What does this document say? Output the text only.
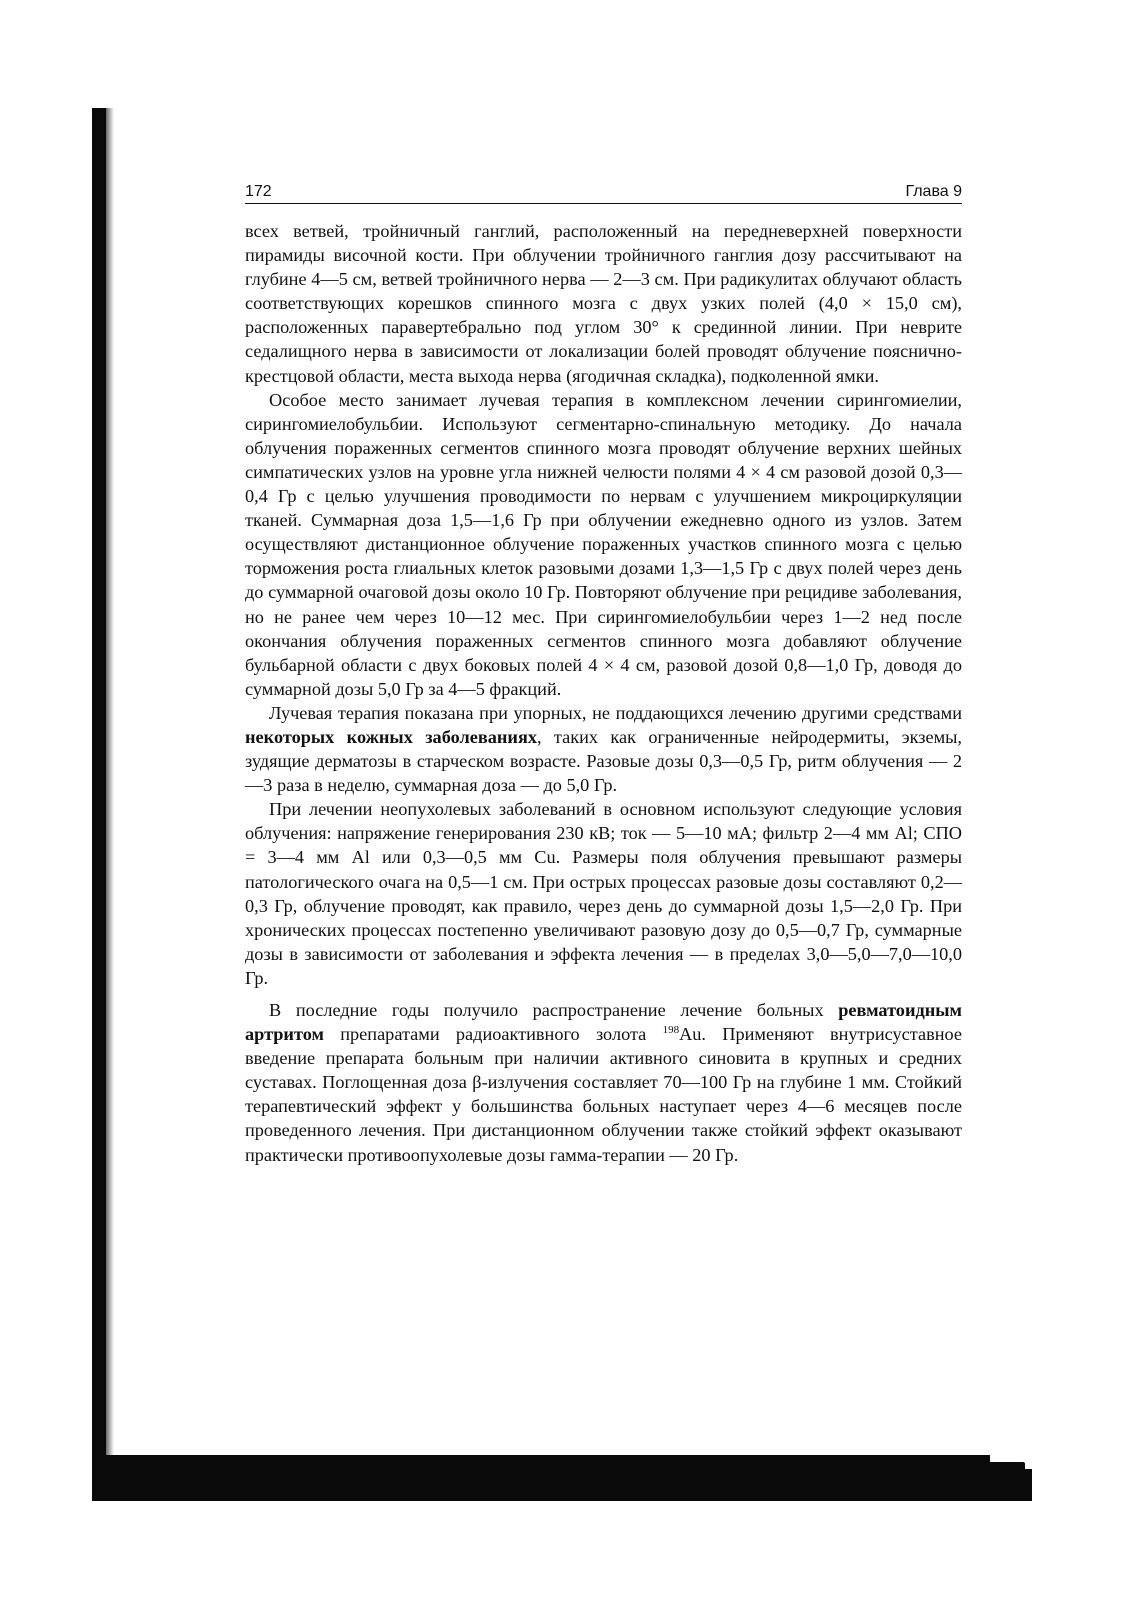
172	Глава 9

всех ветвей, тройничный ганглий, расположенный на передневерхней поверхности пирамиды височной кости. При облучении тройничного ганглия дозу рассчитывают на глубине 4—5 см, ветвей тройничного нерва — 2—3 см. При радикулитах облучают область соответствующих корешков спинного мозга с двух узких полей (4,0 × 15,0 см), расположенных паравертебрально под углом 30° к срединной линии. При неврите седалищного нерва в зависимости от локализации болей проводят облучение пояснично-крестцовой области, места выхода нерва (ягодичная складка), подколенной ямки.

Особое место занимает лучевая терапия в комплексном лечении сирингомиелии, сирингомиелобульбии. Используют сегментарно-спинальную методику. До начала облучения пораженных сегментов спинного мозга проводят облучение верхних шейных симпатических узлов на уровне угла нижней челюсти полями 4 × 4 см разовой дозой 0,3—0,4 Гр с целью улучшения проводимости по нервам с улучшением микроциркуляции тканей. Суммарная доза 1,5—1,6 Гр при облучении ежедневно одного из узлов. Затем осуществляют дистанционное облучение пораженных участков спинного мозга с целью торможения роста глиальных клеток разовыми дозами 1,3—1,5 Гр с двух полей через день до суммарной очаговой дозы около 10 Гр. Повторяют облучение при рецидиве заболевания, но не ранее чем через 10—12 мес. При сирингомиелобульбии через 1—2 нед после окончания облучения пораженных сегментов спинного мозга добавляют облучение бульбарной области с двух боковых полей 4 × 4 см, разовой дозой 0,8—1,0 Гр, доводя до суммарной дозы 5,0 Гр за 4—5 фракций.

Лучевая терапия показана при упорных, не поддающихся лечению другими средствами некоторых кожных заболеваниях, таких как ограниченные нейродермиты, экземы, зудящие дерматозы в старческом возрасте. Разовые дозы 0,3—0,5 Гр, ритм облучения — 2—3 раза в неделю, суммарная доза — до 5,0 Гр.

При лечении неопухолевых заболеваний в основном используют следующие условия облучения: напряжение генерирования 230 кВ; ток — 5—10 мА; фильтр 2—4 мм Al; СПО = 3—4 мм Al или 0,3—0,5 мм Cu. Размеры поля облучения превышают размеры патологического очага на 0,5—1 см. При острых процессах разовые дозы составляют 0,2—0,3 Гр, облучение проводят, как правило, через день до суммарной дозы 1,5—2,0 Гр. При хронических процессах постепенно увеличивают разовую дозу до 0,5—0,7 Гр, суммарные дозы в зависимости от заболевания и эффекта лечения — в пределах 3,0—5,0—7,0—10,0 Гр.

В последние годы получило распространение лечение больных ревматоидным артритом препаратами радиоактивного золота $^{198}$Au. Применяют внутрисуставное введение препарата больным при наличии активного синовита в крупных и средних суставах. Поглощенная доза β-излучения составляет 70—100 Гр на глубине 1 мм. Стойкий терапевтический эффект у большинства больных наступает через 4—6 месяцев после проведенного лечения. При дистанционном облучении также стойкий эффект оказывают практически противоопухолевые дозы гамма-терапии — 20 Гр.
